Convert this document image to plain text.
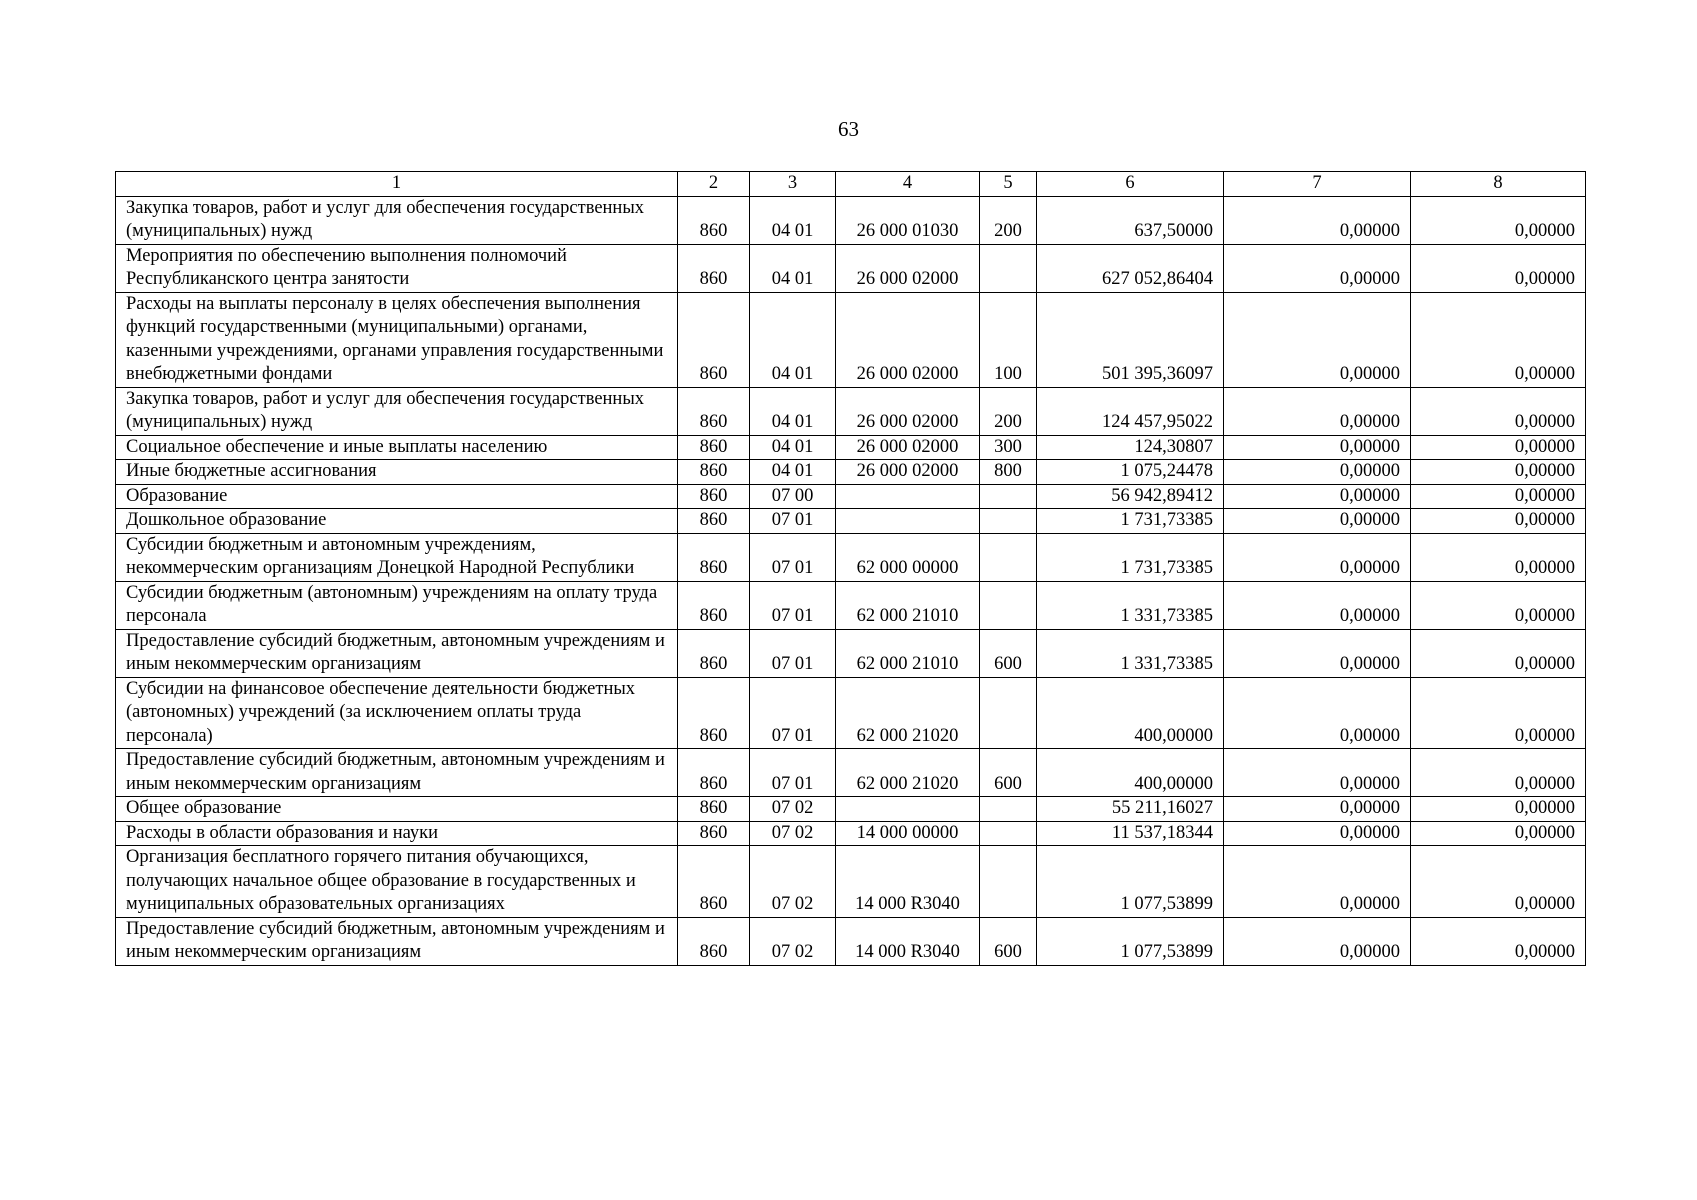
63
1	2	3	4	5	6	7	8
Закупка товаров, работ и услуг для обеспечения государственных (муниципальных) нужд	860	04 01	26 000 01030	200	637,50000	0,00000	0,00000
Мероприятия по обеспечению выполнения полномочий Республиканского центра занятости	860	04 01	26 000 02000		627 052,86404	0,00000	0,00000
Расходы на выплаты персоналу в целях обеспечения выполнения функций государственными (муниципальными) органами, казенными учреждениями, органами управления государственными внебюджетными фондами	860	04 01	26 000 02000	100	501 395,36097	0,00000	0,00000
Закупка товаров, работ и услуг для обеспечения государственных (муниципальных) нужд	860	04 01	26 000 02000	200	124 457,95022	0,00000	0,00000
Социальное обеспечение и иные выплаты населению	860	04 01	26 000 02000	300	124,30807	0,00000	0,00000
Иные бюджетные ассигнования	860	04 01	26 000 02000	800	1 075,24478	0,00000	0,00000
Образование	860	07 00			56 942,89412	0,00000	0,00000
Дошкольное образование	860	07 01			1 731,73385	0,00000	0,00000
Субсидии бюджетным и автономным учреждениям, некоммерческим организациям Донецкой Народной Республики	860	07 01	62 000 00000		1 731,73385	0,00000	0,00000
Субсидии бюджетным (автономным) учреждениям на оплату труда персонала	860	07 01	62 000 21010		1 331,73385	0,00000	0,00000
Предоставление субсидий бюджетным, автономным учреждениям и иным некоммерческим организациям	860	07 01	62 000 21010	600	1 331,73385	0,00000	0,00000
Субсидии на финансовое обеспечение деятельности бюджетных (автономных) учреждений (за исключением оплаты труда персонала)	860	07 01	62 000 21020		400,00000	0,00000	0,00000
Предоставление субсидий бюджетным, автономным учреждениям и иным некоммерческим организациям	860	07 01	62 000 21020	600	400,00000	0,00000	0,00000
Общее образование	860	07 02			55 211,16027	0,00000	0,00000
Расходы в области образования и науки	860	07 02	14 000 00000		11 537,18344	0,00000	0,00000
Организация бесплатного горячего питания обучающихся, получающих начальное общее образование в государственных и муниципальных образовательных организациях	860	07 02	14 000 R3040		1 077,53899	0,00000	0,00000
Предоставление субсидий бюджетным, автономным учреждениям и иным некоммерческим организациям	860	07 02	14 000 R3040	600	1 077,53899	0,00000	0,00000
